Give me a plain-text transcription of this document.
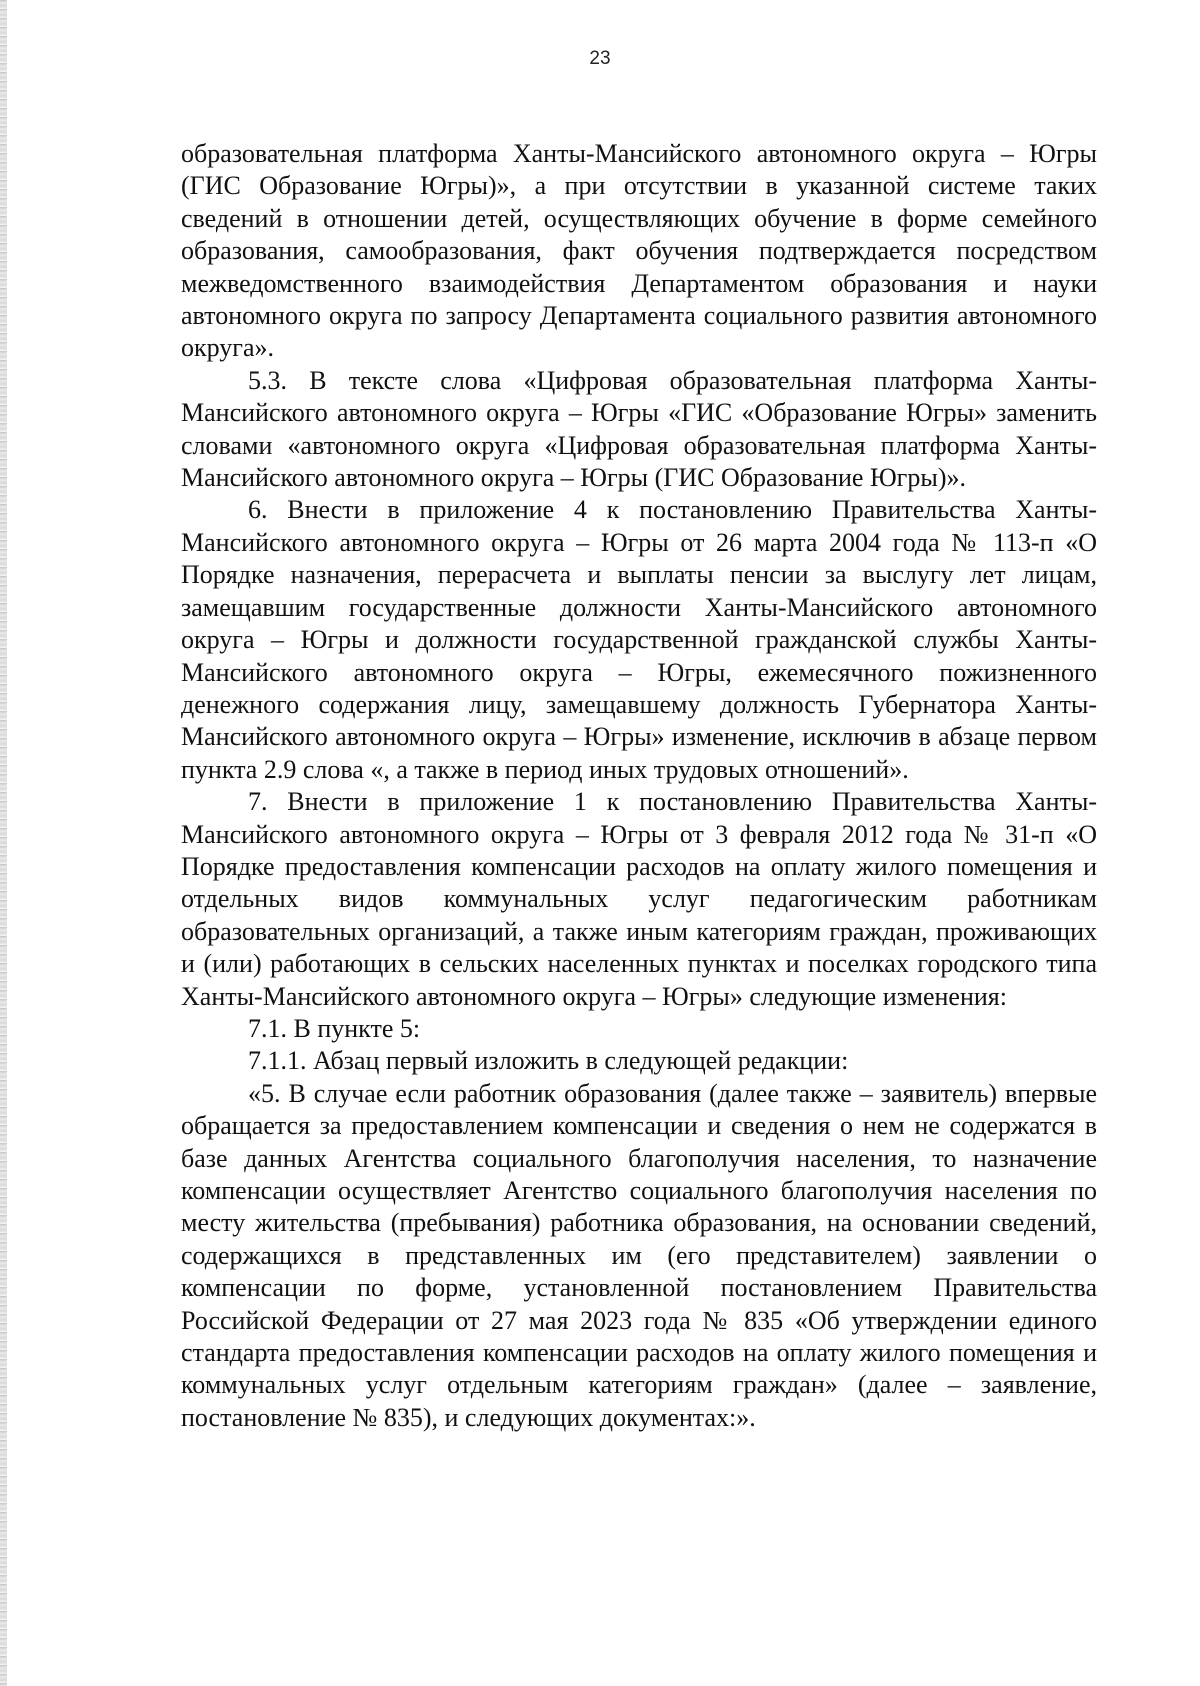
23

образовательная платформа Ханты-Мансийского автономного округа – Югры (ГИС Образование Югры)», а при отсутствии в указанной системе таких сведений в отношении детей, осуществляющих обучение в форме семейного образования, самообразования, факт обучения подтверждается посредством межведомственного взаимодействия Департаментом образования и науки автономного округа по запросу Департамента социального развития автономного округа».

5.3. В тексте слова «Цифровая образовательная платформа Ханты-Мансийского автономного округа – Югры «ГИС «Образование Югры» заменить словами «автономного округа «Цифровая образовательная платформа Ханты-Мансийского автономного округа – Югры (ГИС Образование Югры)».

6. Внести в приложение 4 к постановлению Правительства Ханты-Мансийского автономного округа – Югры от 26 марта 2004 года № 113-п «О Порядке назначения, перерасчета и выплаты пенсии за выслугу лет лицам, замещавшим государственные должности Ханты-Мансийского автономного округа – Югры и должности государственной гражданской службы Ханты-Мансийского автономного округа – Югры, ежемесячного пожизненного денежного содержания лицу, замещавшему должность Губернатора Ханты-Мансийского автономного округа – Югры» изменение, исключив в абзаце первом пункта 2.9 слова «, а также в период иных трудовых отношений».

7. Внести в приложение 1 к постановлению Правительства Ханты-Мансийского автономного округа – Югры от 3 февраля 2012 года № 31-п «О Порядке предоставления компенсации расходов на оплату жилого помещения и отдельных видов коммунальных услуг педагогическим работникам образовательных организаций, а также иным категориям граждан, проживающих и (или) работающих в сельских населенных пунктах и поселках городского типа Ханты-Мансийского автономного округа – Югры» следующие изменения:

7.1. В пункте 5:

7.1.1. Абзац первый изложить в следующей редакции:

«5. В случае если работник образования (далее также – заявитель) впервые обращается за предоставлением компенсации и сведения о нем не содержатся в базе данных Агентства социального благополучия населения, то назначение компенсации осуществляет Агентство социального благополучия населения по месту жительства (пребывания) работника образования, на основании сведений, содержащихся в представленных им (его представителем) заявлении о компенсации по форме, установленной постановлением Правительства Российской Федерации от 27 мая 2023 года № 835 «Об утверждении единого стандарта предоставления компенсации расходов на оплату жилого помещения и коммунальных услуг отдельным категориям граждан» (далее – заявление, постановление № 835), и следующих документах:».
